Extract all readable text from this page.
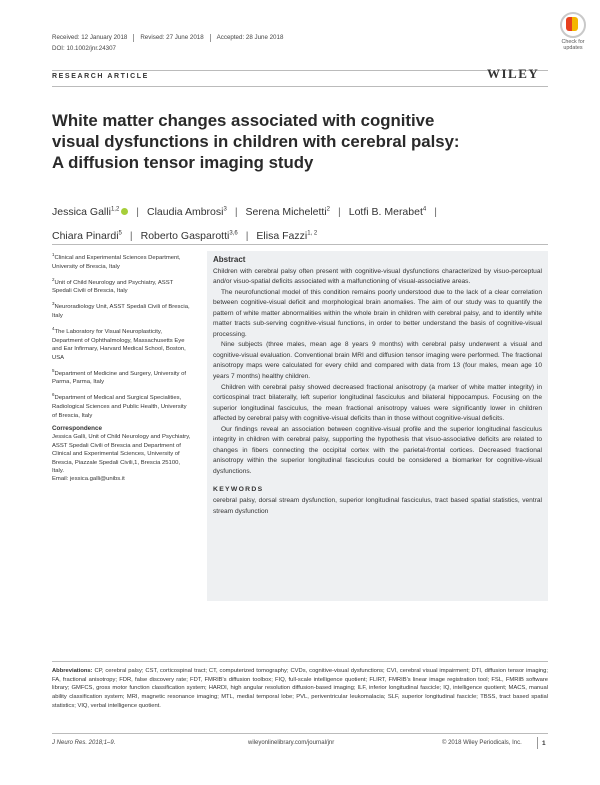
Received: 12 January 2018 Revised: 27 June 2018 Accepted: 28 June 2018
DOI: 10.1002/jnr.24307
Check for updates
RESEARCH ARTICLE	WILEY
White matter changes associated with cognitive visual dysfunctions in children with cerebral palsy: A diffusion tensor imaging study
Jessica Galli$^{1,2}$ | Claudia Ambrosi$^3$ | Serena Micheletti$^2$ | Lotfi B. Merabet$^4$ |
Chiara Pinardi$^5$ | Roberto Gasparotti$^{3,6}$ | Elisa Fazzi$^{1, 2}$
$^1$Clinical and Experimental Sciences Department, University of Brescia, Italy
$^2$Unit of Child Neurology and Psychiatry, ASST Spedali Civili of Brescia, Italy
$^3$Neuroradiology Unit, ASST Spedali Civili of Brescia, Italy
$^4$The Laboratory for Visual Neuroplasticity, Department of Ophthalmology, Massachusetts Eye and Ear Infirmary, Harvard Medical School, Boston, USA
$^5$Department of Medicine and Surgery, University of Parma, Parma, Italy
$^6$Department of Medical and Surgical Specialities, Radiological Sciences and Public Health, University of Brescia, Italy
Correspondence
Jessica Galli, Unit of Child Neurology and Psychiatry, ASST Spedali Civili of Brescia and Department of Clinical and Experimental Sciences, University of Brescia, Piazzale Spedali Civili,1, Brescia 25100, Italy.
Email: jessica.galli@unibs.it
Abstract

Children with cerebral palsy often present with cognitive-visual dysfunctions characterized by visuo-perceptual and/or visuo-spatial deficits associated with a malfunctioning of visual-associative areas.

The neurofunctional model of this condition remains poorly understood due to the lack of a clear correlation between cognitive-visual deficit and morphological brain anomalies. The aim of our study was to quantify the pattern of white matter abnormalities within the whole brain in children with cerebral palsy, and to identify white matter tracts sub-serving cognitive-visual functions, in order to better understand the basis of cognitive-visual processing.

Nine subjects (three males, mean age 8 years 9 months) with cerebral palsy underwent a visual and cognitive-visual evaluation. Conventional brain MRI and diffusion tensor imaging were performed. The fractional anisotropy maps were calculated for every child and compared with data from 13 (four males, mean age 10 years 7 months) healthy children.

Children with cerebral palsy showed decreased fractional anisotropy (a marker of white matter integrity) in corticospinal tract bilaterally, left superior longitudinal fasciculus and bilateral hippocampus. Focusing on the superior longitudinal fasciculus, the mean fractional anisotropy values were significantly lower in children affected by cerebral palsy with cognitive-visual deficits than in those without cognitive-visual deficits.

Our findings reveal an association between cognitive-visual profile and the superior longitudinal fasciculus integrity in children with cerebral palsy, supporting the hypothesis that visuo-associative deficits are related to changes in fibers connecting the occipital cortex with the parietal-frontal cortices. Decreased fractional anisotropy within the superior longitudinal fasciculus could be considered a biomarker for cognitive-visual dysfunctions.

KEYWORDS

cerebral palsy, dorsal stream dysfunction, superior longitudinal fasciculus, tract based spatial statistics, ventral stream dysfunction

Abbreviations: CP, cerebral palsy; CST, corticospinal tract; CT, computerized tomography; CVDs, cognitive-visual dysfunctions; CVI, cerebral visual impairment; DTI, diffusion tensor imaging; FA, fractional anisotropy; FDR, false discovery rate; FDT, FMRIB's diffusion toolbox; FIQ, full-scale intelligence quotient; FLIRT, FMRIB's linear image registration tool; FSL, FMRIB software library; GMFCS, gross motor function classification system; HARDI, high angular resolution diffusion-based imaging; ILF, inferior longitudinal fascicle; IQ, intelligence quotient; MACS, manual ability classification system; MRI, magnetic resonance imaging; MTL, medial temporal lobe; PVL, periventricular leukomalacia; SLF, superior longitudinal fascicle; TBSS, tract based spatial statistics; VIQ, verbal intelligence quotient.
J Neuro Res. 2018;1–9.	wileyonlinelibrary.com/journal/jnr	© 2018 Wiley Periodicals, Inc.	1
